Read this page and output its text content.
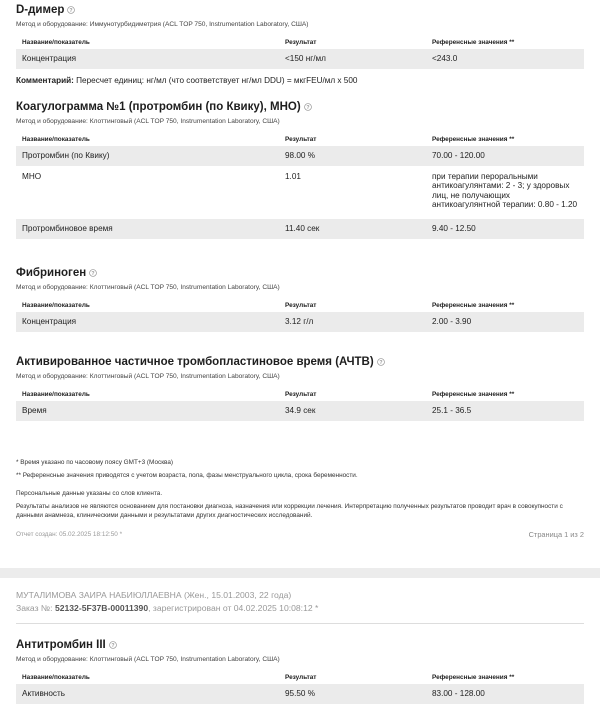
D-димер ?
Метод и оборудование: Иммунотурбидиметрия (ACL TOP 750, Instrumentation Laboratory, США)
Название/показатель	Результат	Референсные значения **
Концентрация	<150 нг/мл	<243.0
Комментарий: Пересчет единиц: нг/мл (что соответствует нг/мл DDU) = мкгFEU/мл х 500
Коагулограмма №1 (протромбин (по Квику), МНО) ?
Метод и оборудование: Клоттинговый (ACL TOP 750, Instrumentation Laboratory, США)
Название/показатель	Результат	Референсные значения **
Протромбин (по Квику)	98.00 %	70.00 - 120.00
МНО	1.01	при терапии пероральными антикоагулянтами: 2 - 3; у здоровых лиц, не получающих антикоагулянтной терапии: 0.80 - 1.20
Протромбиновое время	11.40 сек	9.40 - 12.50
Фибриноген ?
Метод и оборудование: Клоттинговый (ACL TOP 750, Instrumentation Laboratory, США)
Название/показатель	Результат	Референсные значения **
Концентрация	3.12 г/л	2.00 - 3.90
Активированное частичное тромбопластиновое время (АЧТВ) ?
Метод и оборудование: Клоттинговый (ACL TOP 750, Instrumentation Laboratory, США)
Название/показатель	Результат	Референсные значения **
Время	34.9 сек	25.1 - 36.5
* Время указано по часовому поясу GMT+3 (Москва)
** Референсные значения приводятся с учетом возраста, пола, фазы менструального цикла, срока беременности.
Персональные данные указаны со слов клиента.
Результаты анализов не являются основанием для постановки диагноза, назначения или коррекции лечения. Интерпретацию полученных результатов проводит врач в совокупности с данными анамнеза, клиническими данными и результатами других диагностических исследований.
Отчет создан: 05.02.2025 18:12:50 *	Страница 1 из 2
МУТАЛИМОВА ЗАИРА НАБИЮЛЛАЕВНА (Жен., 15.01.2003, 22 года)
Заказ №: 52132-5F37B-00011390, зарегистрирован от 04.02.2025 10:08:12 *
Антитромбин III ?
Метод и оборудование: Клоттинговый (ACL TOP 750, Instrumentation Laboratory, США)
Название/показатель	Результат	Референсные значения **
Активность	95.50 %	83.00 - 128.00
